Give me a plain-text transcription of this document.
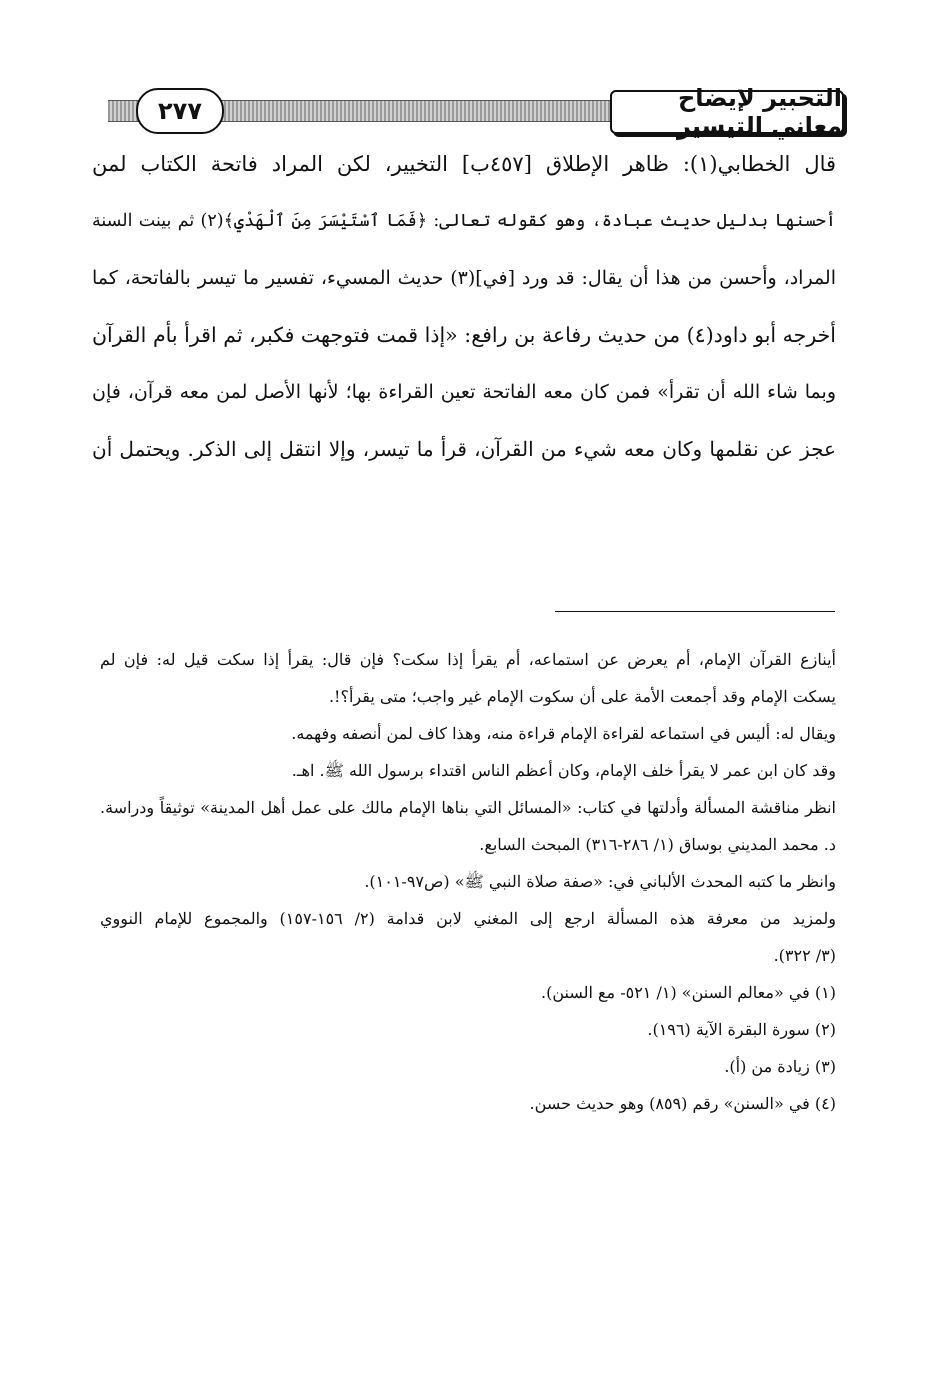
٢٧٧	التحبير لإيضاح معاني التيسير
قال الخطابي(١): ظاهر الإطلاق [٤٥٧ب] التخيير، لكن المراد فاتحة الكتاب لمن
أحسنها بدليل حديث عبادة، وهو كقوله تعالى: ﴿فَمَا ٱسْتَيْسَرَ مِنَ ٱلْهَدْيِ﴾(٢) ثم بينت السنة
المراد، وأحسن من هذا أن يقال: قد ورد [في](٣) حديث المسيء، تفسير ما تيسر بالفاتحة، كما
أخرجه أبو داود(٤) من حديث رفاعة بن رافع: «إذا قمت فتوجهت فكبر، ثم اقرأ بأم القرآن
وبما شاء الله أن تقرأ» فمن كان معه الفاتحة تعين القراءة بها؛ لأنها الأصل لمن معه قرآن، فإن
عجز عن نقلمها وكان معه شيء من القرآن، قرأ ما تيسر، وإلا انتقل إلى الذكر. ويحتمل أن
أينازع القرآن الإمام، أم يعرض عن استماعه، أم يقرأ إذا سكت؟ فإن قال: يقرأ إذا سكت قيل له: فإن لم
يسكت الإمام وقد أجمعت الأمة على أن سكوت الإمام غير واجب؛ متى يقرأ؟!.
ويقال له: أليس في استماعه لقراءة الإمام قراءة منه، وهذا كاف لمن أنصفه وفهمه.
وقد كان ابن عمر لا يقرأ خلف الإمام، وكان أعظم الناس اقتداء برسول الله ﷺ. اهـ.
انظر مناقشة المسألة وأدلتها في كتاب: «المسائل التي بناها الإمام مالك على عمل أهل المدينة» توثيقاً ودراسة.
د. محمد المديني بوساق (١/ ٢٨٦-٣١٦) المبحث السابع.
وانظر ما كتبه المحدث الألباني في: «صفة صلاة النبي ﷺ» (ص٩٧-١٠١).
ولمزيد من معرفة هذه المسألة ارجع إلى المغني لابن قدامة (٢/ ١٥٦-١٥٧) والمجموع للإمام النووي
(٣/ ٣٢٢).
(١) في «معالم السنن» (١/ ٥٢١- مع السنن).
(٢) سورة البقرة الآية (١٩٦).
(٣) زيادة من (أ).
(٤) في «السنن» رقم (٨٥٩) وهو حديث حسن.
